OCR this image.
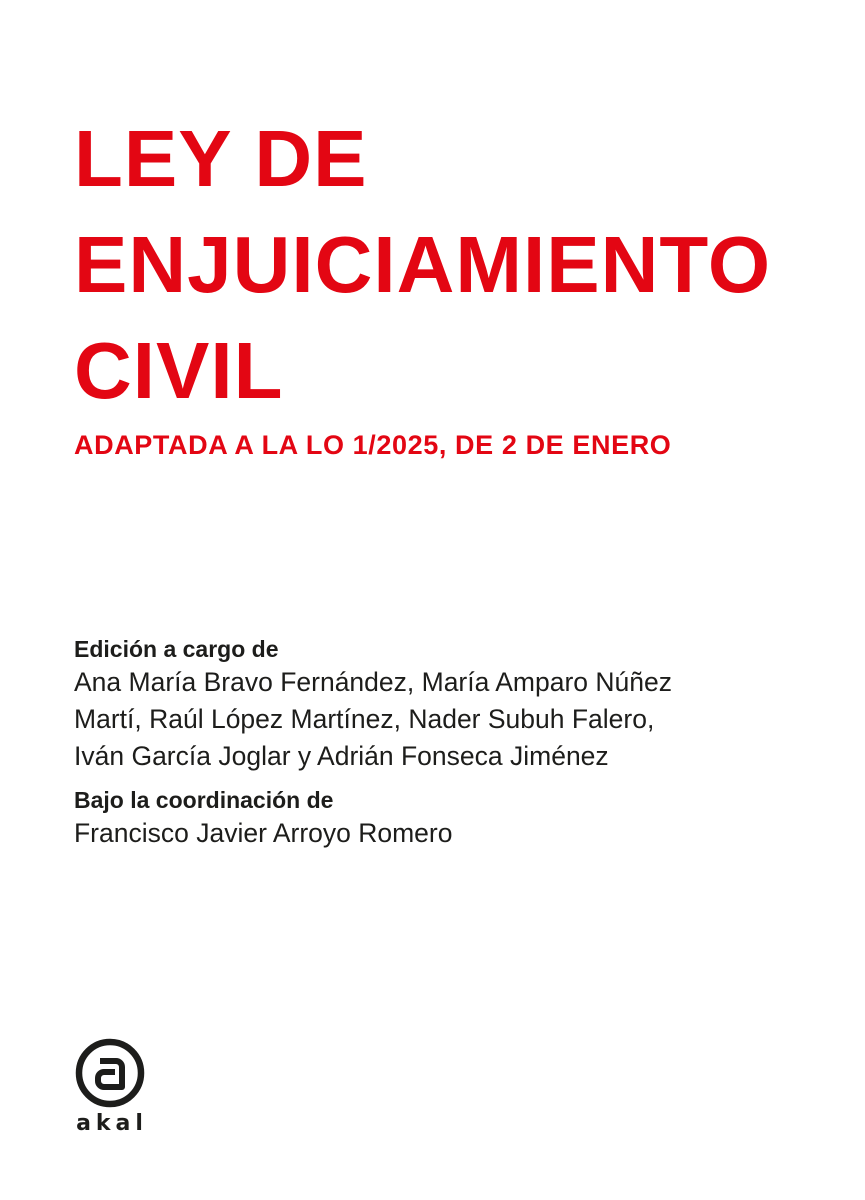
LEY DE

ENJUICIAMIENTO

CIVIL

ADAPTADA A LA LO 1/2025, DE 2 DE ENERO

Edición a cargo de

Ana María Bravo Fernández, María Amparo Núñez
Martí, Raúl López Martínez, Nader Subuh Falero,
Iván García Joglar y Adrián Fonseca Jiménez

Bajo la coordinación de

Francisco Javier Arroyo Romero

akal
